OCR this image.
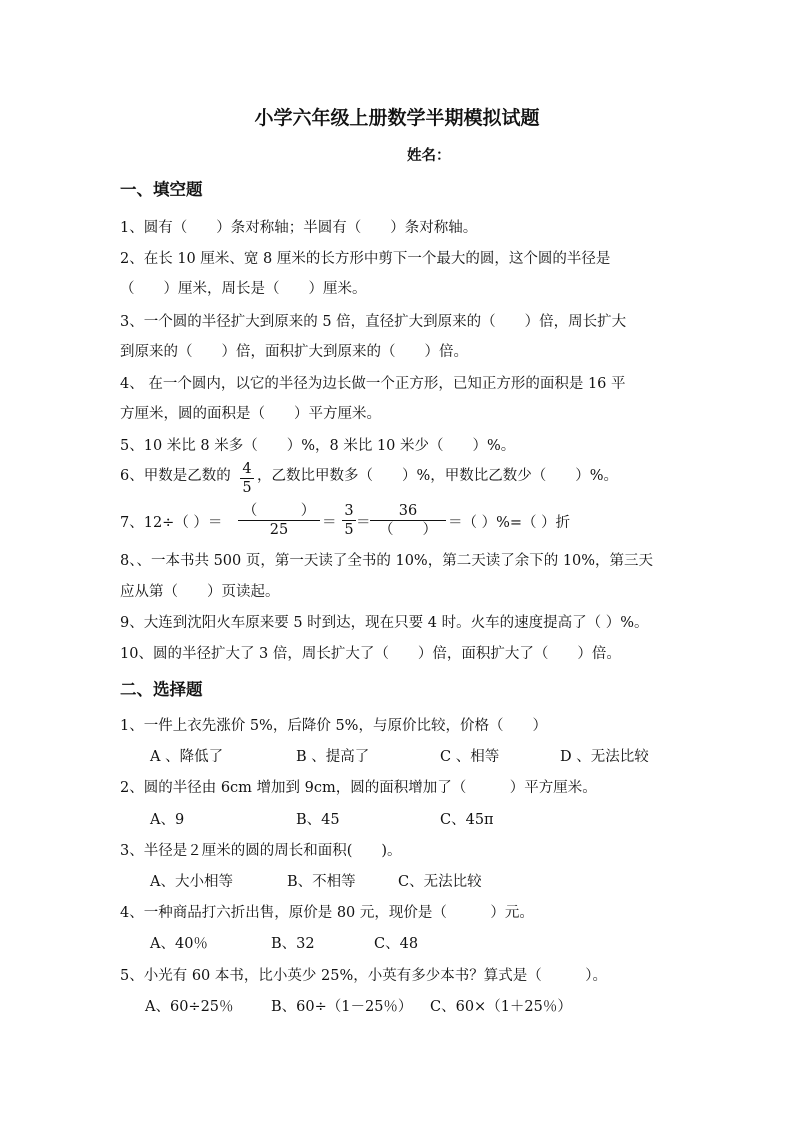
小学六年级上册数学半期模拟试题
姓名：
一、填空题
1、圆有（　　）条对称轴；半圆有（　　）条对称轴。
2、在长 10 厘米、宽 8 厘米的长方形中剪下一个最大的圆，这个圆的半径是
（　　）厘米，周长是（　　）厘米。
3、一个圆的半径扩大到原来的 5 倍，直径扩大到原来的（　　）倍，周长扩大
到原来的（　　）倍，面积扩大到原来的（　　）倍。
4、 在一个圆内，以它的半径为边长做一个正方形，已知正方形的面积是 16 平
方厘米，圆的面积是（　　）平方厘米。
5、10 米比 8 米多（　　）%，8 米比 10 米少（　　）%。
6、甲数是乙数的 4
5
，乙数比甲数多（　　）%，甲数比乙数少（　　）%。
7、12÷（ ）＝
（　　　）
25	＝
3
5 ＝
36
（　　） ＝（ ）%=（ ）折
8、、一本书共 500 页，第一天读了全书的 10%，第二天读了余下的 10%，第三天
应从第（　　）页读起。
9、大连到沈阳火车原来要 5 时到达，现在只要 4 时。火车的速度提高了（ ）%。
10、圆的半径扩大了 3 倍，周长扩大了（　　）倍，面积扩大了（　　）倍。
二、选择题
1、一件上衣先涨价 5%，后降价 5%，与原价比较，价格（　　）
A 、降低了	B 、提高了	C 、相等	D 、无法比较
2、圆的半径由 6cm 增加到 9cm，圆的面积增加了（　　　）平方厘米。
A、9	B、45	C、45π
3、半径是２厘米的圆的周长和面积(　　)。
A、大小相等	B、不相等	C、无法比较
4、一种商品打六折出售，原价是 80 元，现价是（　　　）元。
A、40％	B、32	C、48
5、小光有 60 本书，比小英少 25%，小英有多少本书？算式是（　　　）。
A、60÷25％	B、60÷（1－25％） C、60×（1＋25％）
